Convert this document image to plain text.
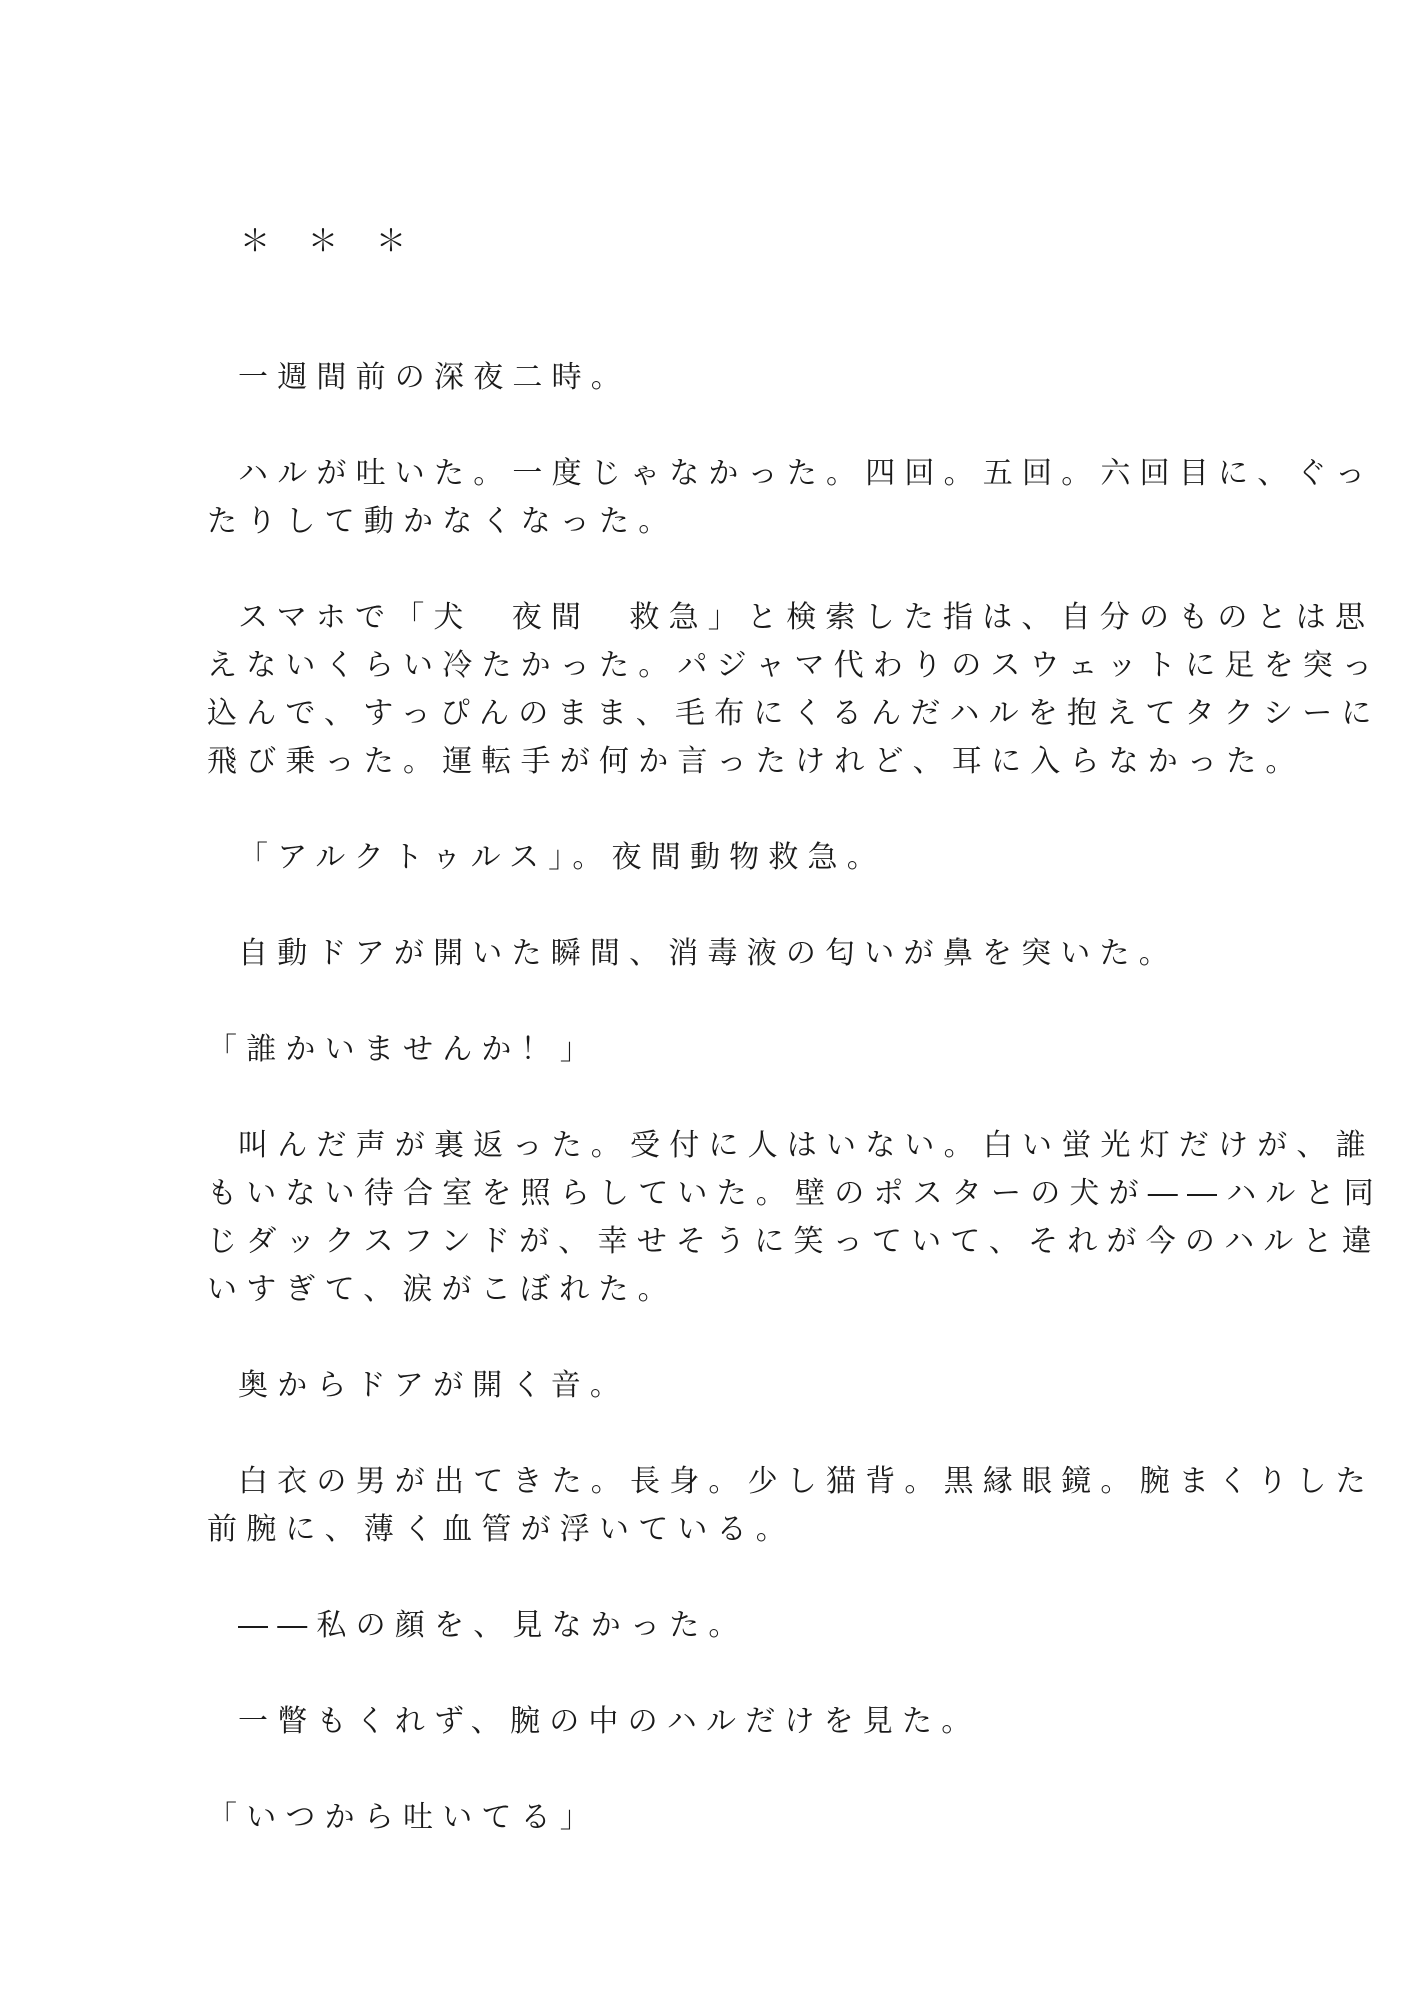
＊ ＊ ＊
一週間前の深夜二時。
ハルが吐いた。一度じゃなかった。四回。五回。六回目に、ぐっ
たりして動かなくなった。
スマホで「犬　夜間　救急」と検索した指は、自分のものとは思
えないくらい冷たかった。パジャマ代わりのスウェットに足を突っ
込んで、すっぴんのまま、毛布にくるんだハルを抱えてタクシーに
飛び乗った。運転手が何か言ったけれど、耳に入らなかった。
「アルクトゥルス」。夜間動物救急。
自動ドアが開いた瞬間、消毒液の匂いが鼻を突いた。
「誰かいませんか！」
叫んだ声が裏返った。受付に人はいない。白い蛍光灯だけが、誰
もいない待合室を照らしていた。壁のポスターの犬が――ハルと同
じダックスフンドが、幸せそうに笑っていて、それが今のハルと違
いすぎて、涙がこぼれた。
奥からドアが開く音。
白衣の男が出てきた。長身。少し猫背。黒縁眼鏡。腕まくりした
前腕に、薄く血管が浮いている。
――私の顔を、見なかった。
一瞥もくれず、腕の中のハルだけを見た。
「いつから吐いてる」
